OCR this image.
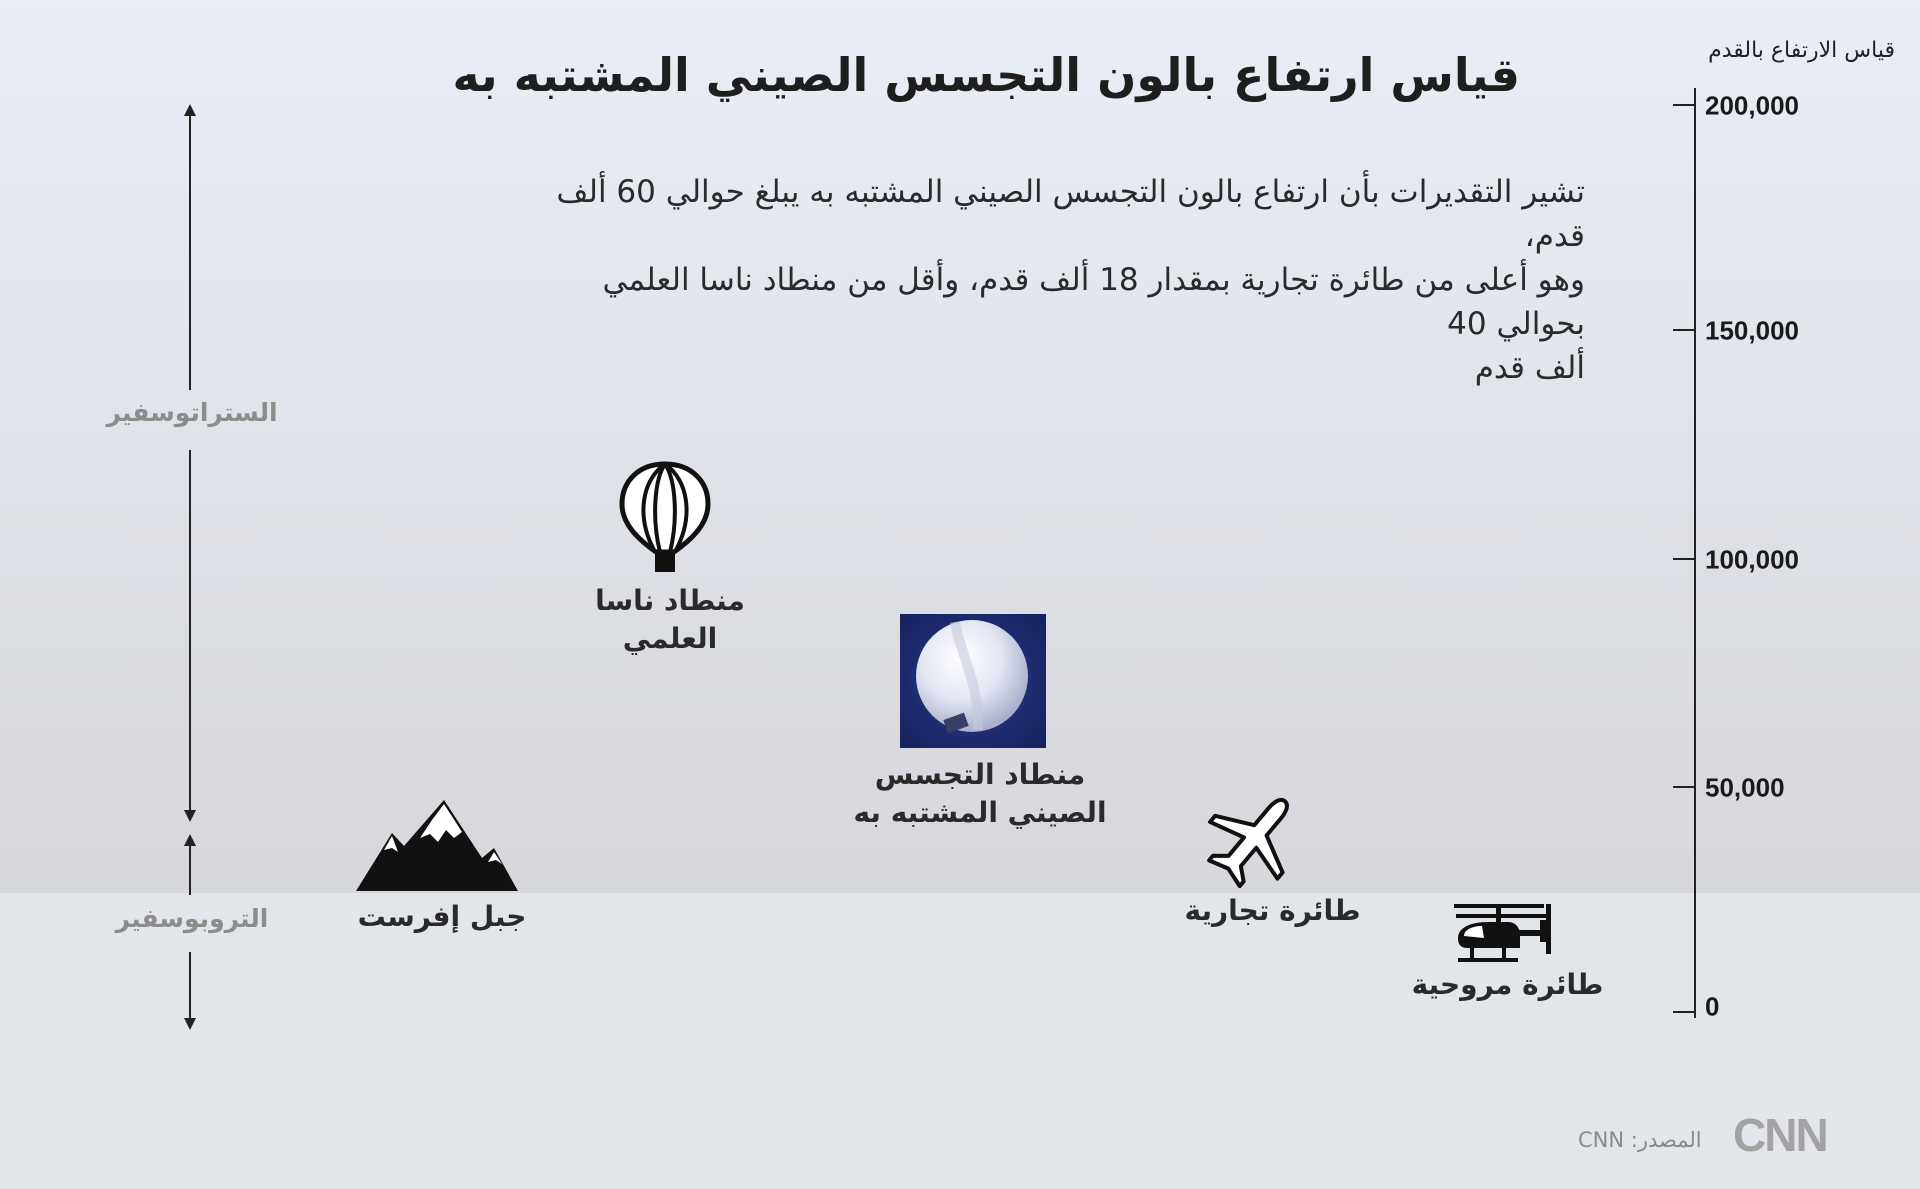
قياس ارتفاع بالون التجسس الصيني المشتبه به
تشير التقديرات بأن ارتفاع بالون التجسس الصيني المشتبه به يبلغ حوالي 60 ألف قدم،
وهو أعلى من طائرة تجارية بمقدار 18 ألف قدم، وأقل من منطاد ناسا العلمي بحوالي 40
ألف قدم
قياس الارتفاع بالقدم
200,000
150,000
100,000
50,000
0
الستراتوسفير
التروبوسفير
منطاد ناسا
العلمي
منطاد التجسس
الصيني المشتبه به
جبل إفرست	طائرة تجارية
طائرة مروحية
المصدر: CNN CNN
